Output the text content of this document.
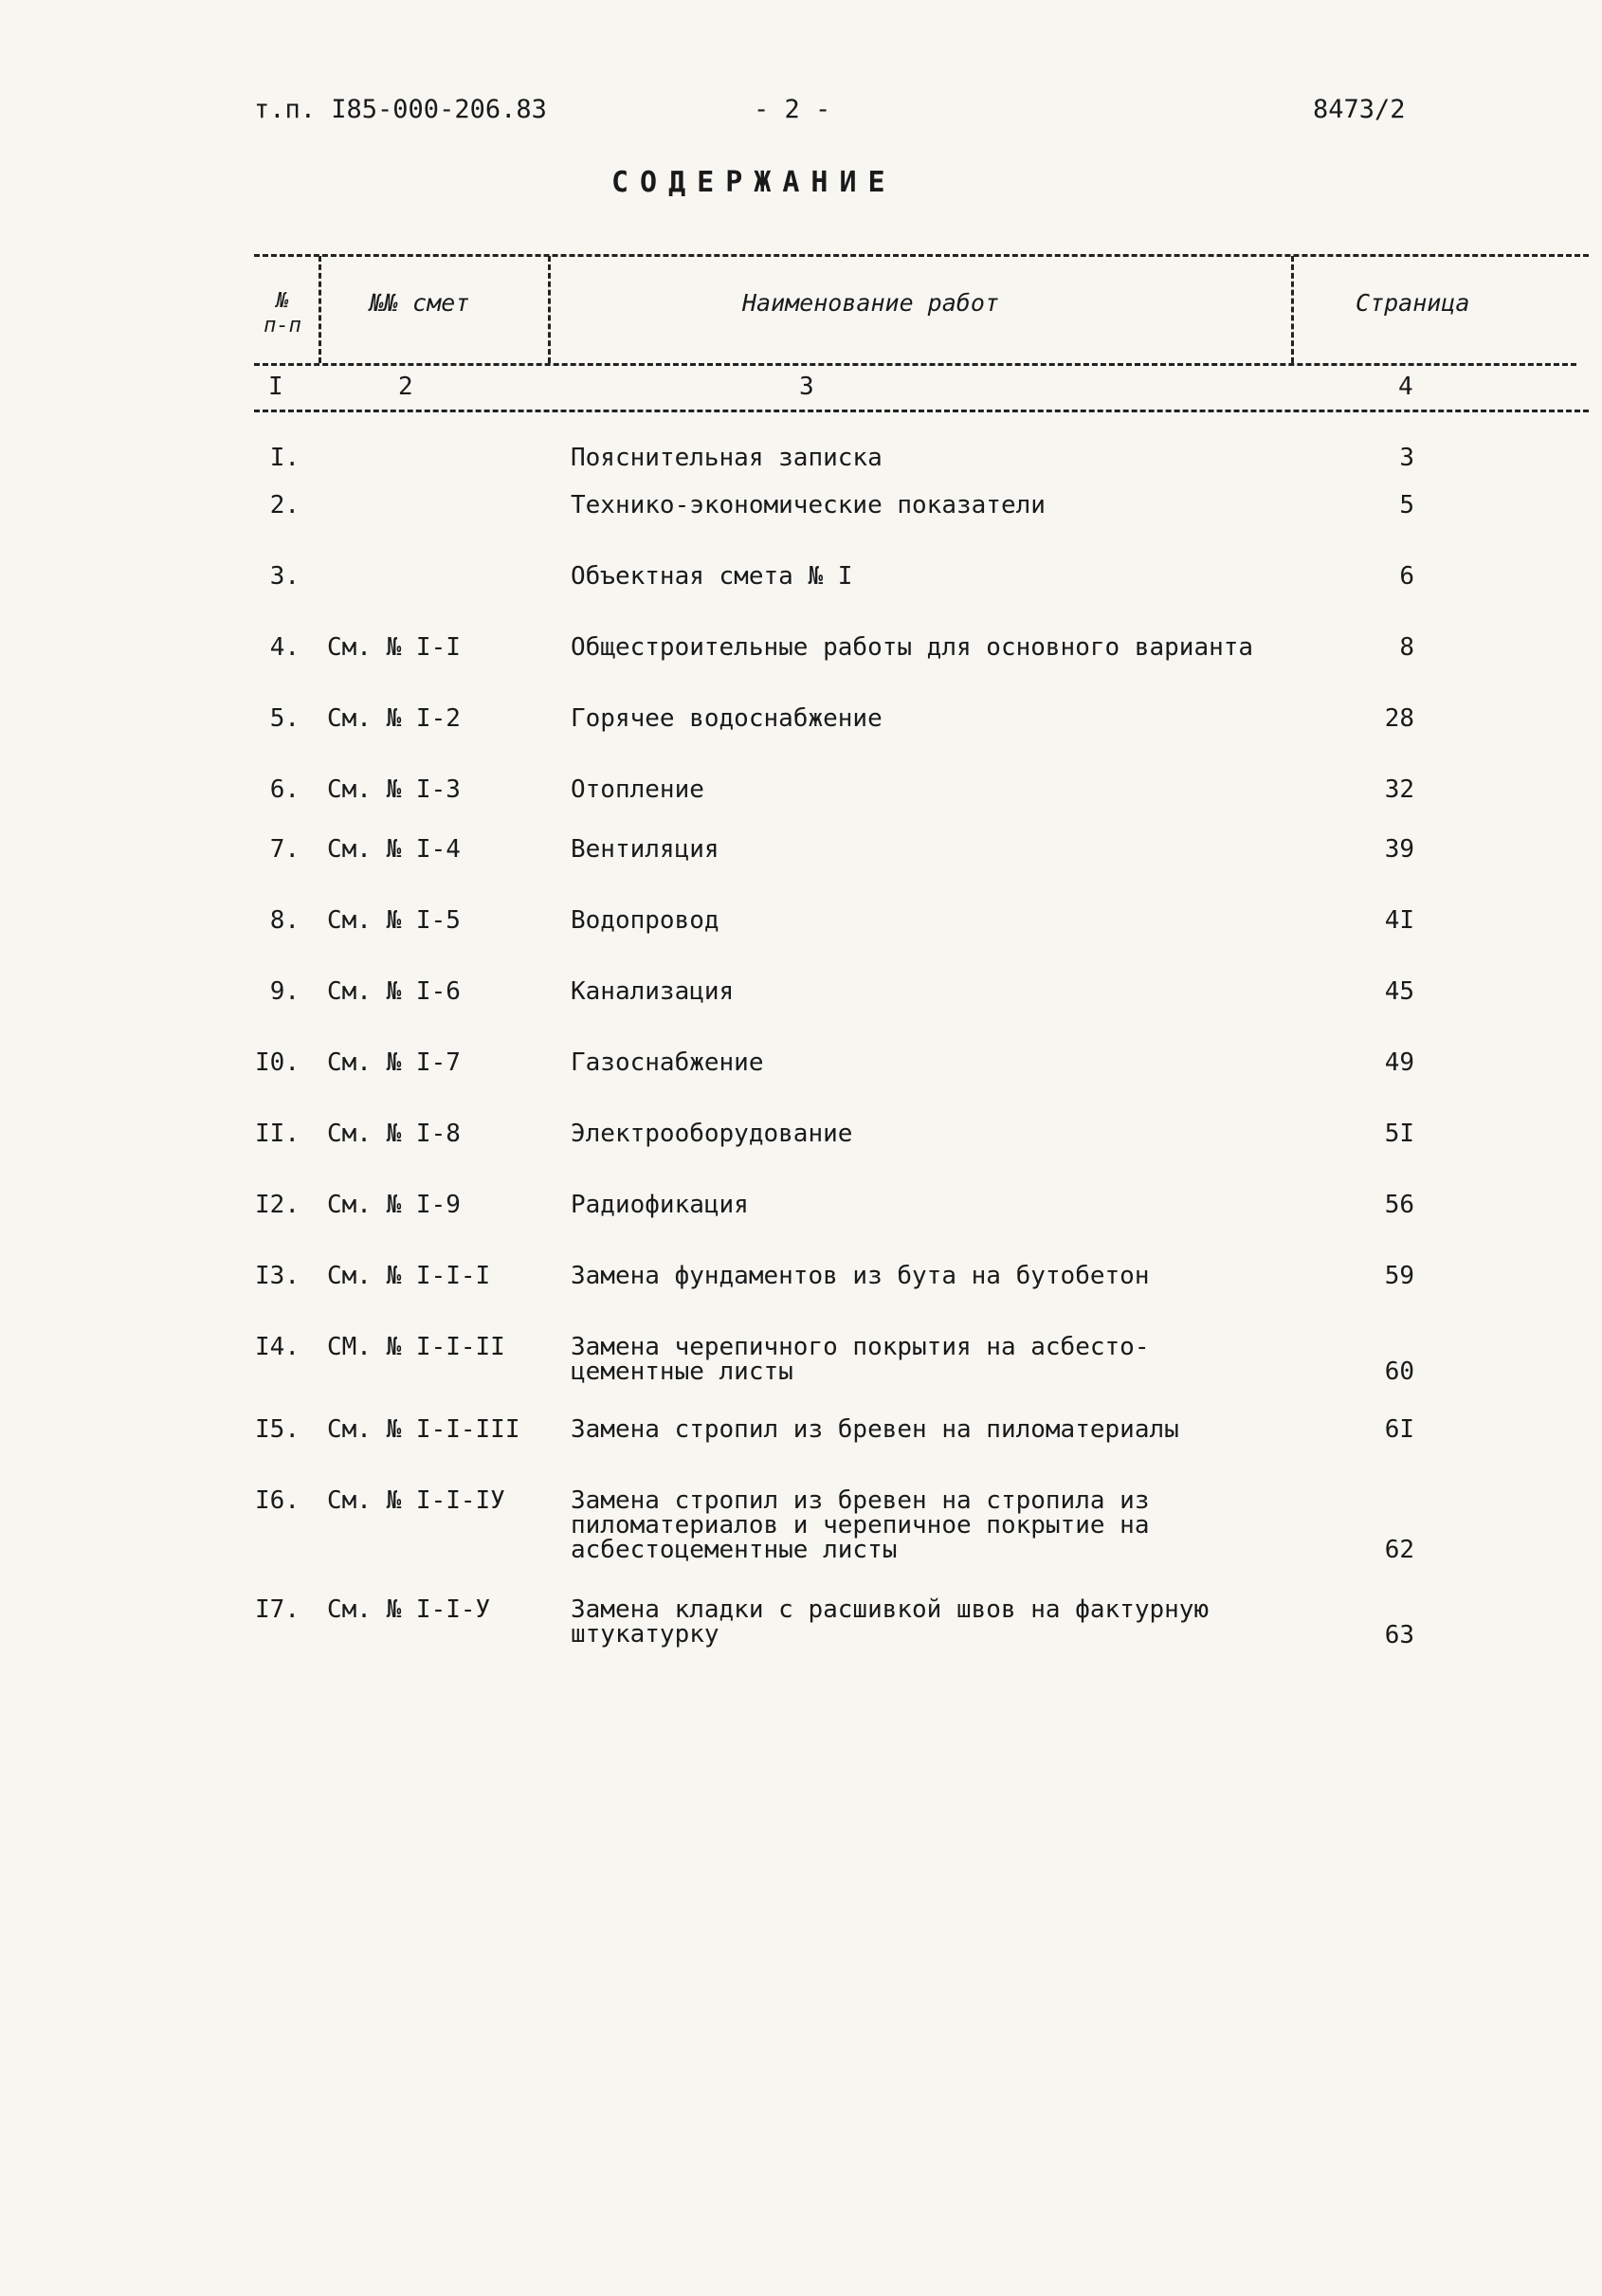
т.п. I85-000-206.83	- 2 -	8473/2
СОДЕРЖАНИЕ
№
п-п
№№ смет	Наименование работ	Страница
I	2	3	4
I.	Пояснительная записка	3
2.	Технико-экономические показатели	5
3.	Объектная смета № I	6
4. См. № I-I	Общестроительные работы для основного варианта	8
5. См. № I-2	Горячее водоснабжение	28
6. См. № I-3	Отопление	32
7. См. № I-4	Вентиляция	39
8. См. № I-5	Водопровод	4I
9. См. № I-6	Канализация	45
I0. См. № I-7	Газоснабжение	49
II. См. № I-8	Электрооборудование	5I
I2. См. № I-9	Радиофикация	56
I3. См. № I-I-I	Замена фундаментов из бута на бутобетон	59
I4. СМ. № I-I-II	Замена черепичного покрытия на асбесто-
цементные листы	60
I5. См. № I-I-III Замена стропил из бревен на пиломатериалы	6I
I6. См. № I-I-IУ	Замена стропил из бревен на стропила из
пиломатериалов и черепичное покрытие на
асбестоцементные листы	62
I7. См. № I-I-У	Замена кладки с расшивкой швов на фактурную
штукатурку	63
